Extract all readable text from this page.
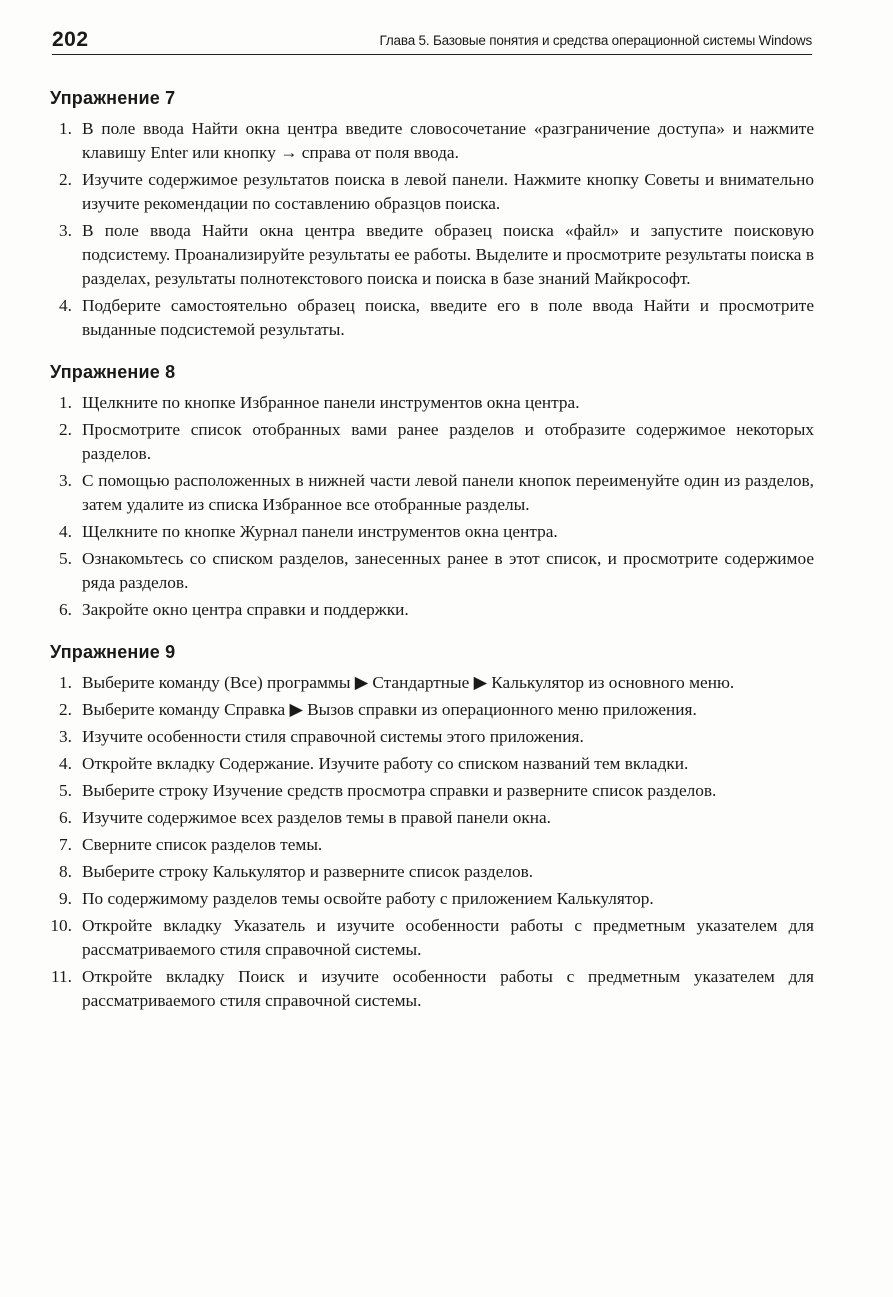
202	Глава 5. Базовые понятия и средства операционной системы Windows
Упражнение 7
1. В поле ввода Найти окна центра введите словосочетание «разграничение доступа» и нажмите клавишу Enter или кнопку → справа от поля ввода.
2. Изучите содержимое результатов поиска в левой панели. Нажмите кнопку Советы и внимательно изучите рекомендации по составлению образцов поиска.
3. В поле ввода Найти окна центра введите образец поиска «файл» и запустите поисковую подсистему. Проанализируйте результаты ее работы. Выделите и просмотрите результаты поиска в разделах, результаты полнотекстового поиска и поиска в базе знаний Майкрософт.
4. Подберите самостоятельно образец поиска, введите его в поле ввода Найти и просмотрите выданные подсистемой результаты.
Упражнение 8
1. Щелкните по кнопке Избранное панели инструментов окна центра.
2. Просмотрите список отобранных вами ранее разделов и отобразите содержимое некоторых разделов.
3. С помощью расположенных в нижней части левой панели кнопок переименуйте один из разделов, затем удалите из списка Избранное все отобранные разделы.
4. Щелкните по кнопке Журнал панели инструментов окна центра.
5. Ознакомьтесь со списком разделов, занесенных ранее в этот список, и просмотрите содержимое ряда разделов.
6. Закройте окно центра справки и поддержки.
Упражнение 9
1. Выберите команду (Все) программы ▶ Стандартные ▶ Калькулятор из основного меню.
2. Выберите команду Справка ▶ Вызов справки из операционного меню приложения.
3. Изучите особенности стиля справочной системы этого приложения.
4. Откройте вкладку Содержание. Изучите работу со списком названий тем вкладки.
5. Выберите строку Изучение средств просмотра справки и разверните список разделов.
6. Изучите содержимое всех разделов темы в правой панели окна.
7. Сверните список разделов темы.
8. Выберите строку Калькулятор и разверните список разделов.
9. По содержимому разделов темы освойте работу с приложением Калькулятор.
10. Откройте вкладку Указатель и изучите особенности работы с предметным указателем для рассматриваемого стиля справочной системы.
11. Откройте вкладку Поиск и изучите особенности работы с предметным указателем для рассматриваемого стиля справочной системы.
